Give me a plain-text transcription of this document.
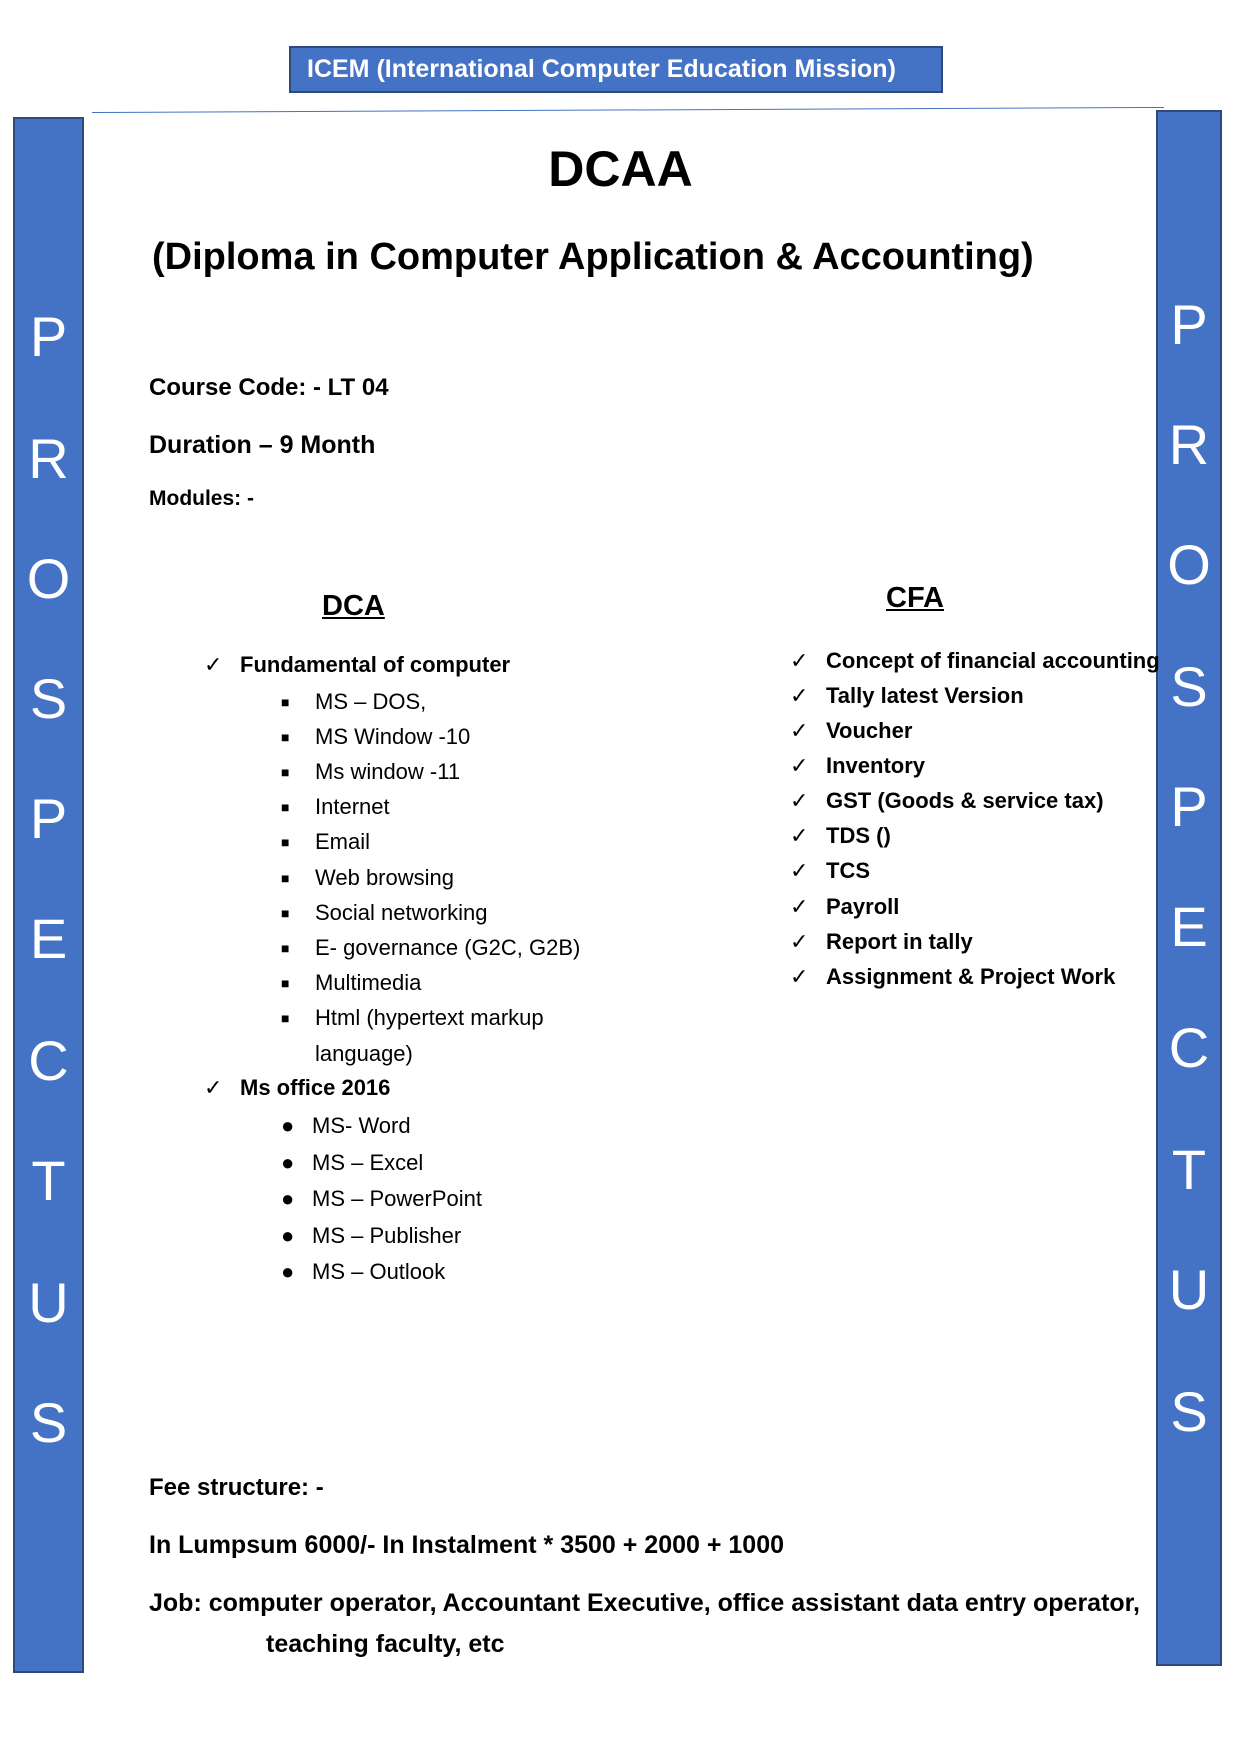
ICEM (International Computer Education Mission)
P
R
O
S
P
E
C
T
U
S
P
R
O
S
P
E
C
T
U
S
DCAA
(Diploma in Computer Application & Accounting)
Course Code: - LT 04
Duration – 9 Month
Modules: -
DCA
✓ Fundamental of computer
■ MS – DOS,
■ MS Window -10
■ Ms window -11
■ Internet
■ Email
■ Web browsing
■ Social networking
■ E- governance (G2C, G2B)
■ Multimedia
■ Html (hypertext markup
language)
✓ Ms office 2016
● MS- Word
● MS – Excel
● MS – PowerPoint
● MS – Publisher
● MS – Outlook
CFA
✓ Concept of financial accounting
✓ Tally latest Version
✓ Voucher
✓ Inventory
✓ GST (Goods & service tax)
✓ TDS ()
✓ TCS
✓ Payroll
✓ Report in tally
✓ Assignment & Project Work
Fee structure: -
In Lumpsum 6000/- In Instalment * 3500 + 2000 + 1000
Job: computer operator, Accountant Executive, office assistant data entry operator,
teaching faculty, etc
